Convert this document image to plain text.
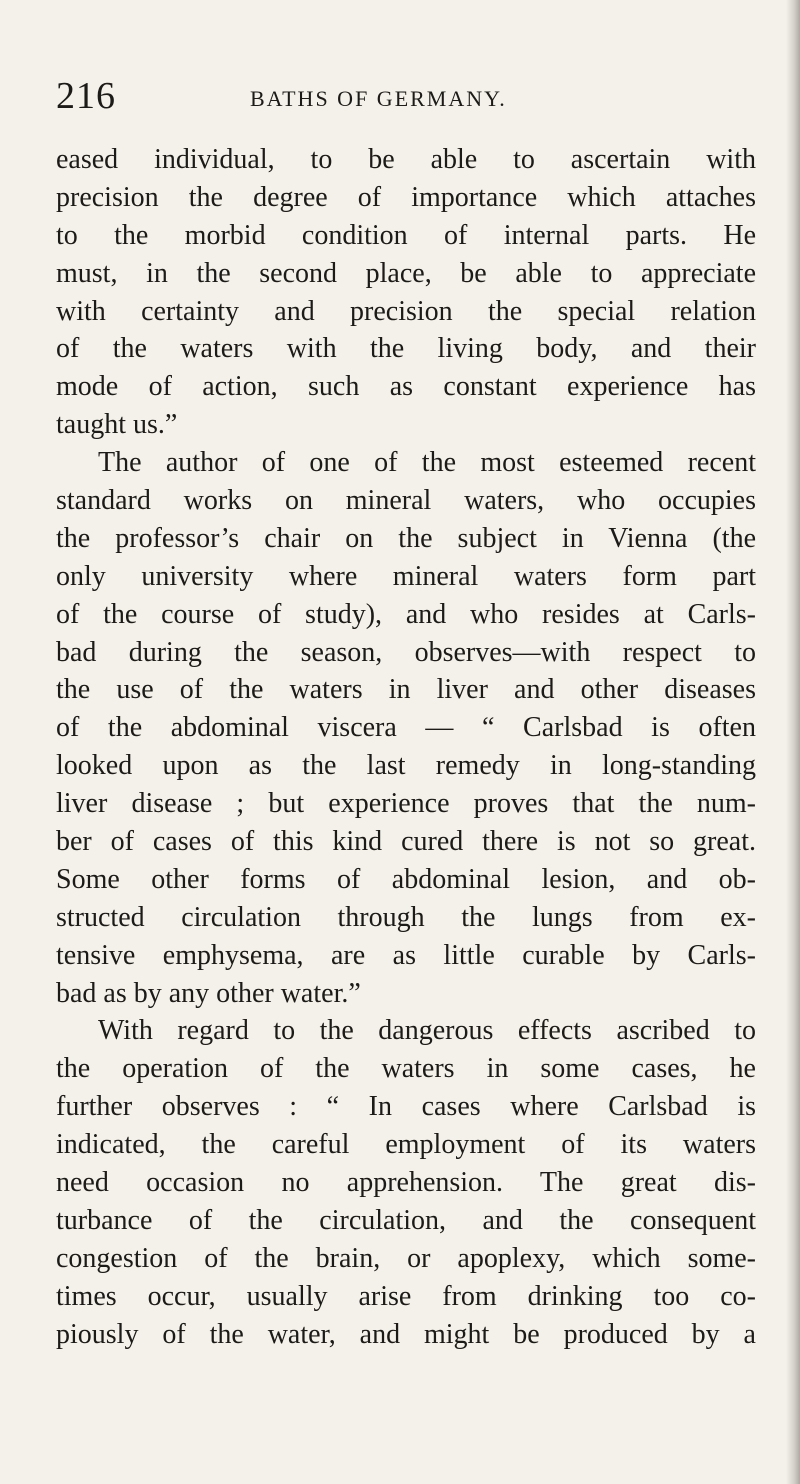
216	BATHS OF GERMANY.
eased individual, to be able to ascertain with
precision the degree of importance which attaches
to the morbid condition of internal parts. He
must, in the second place, be able to appreciate
with certainty and precision the special relation
of the waters with the living body, and their
mode of action, such as constant experience has
taught us.”
The author of one of the most esteemed recent
standard works on mineral waters, who occupies
the professor’s chair on the subject in Vienna (the
only university where mineral waters form part
of the course of study), and who resides at Carls-
bad during the season, observes—with respect to
the use of the waters in liver and other diseases
of the abdominal viscera — “ Carlsbad is often
looked upon as the last remedy in long-standing
liver disease ; but experience proves that the num-
ber of cases of this kind cured there is not so great.
Some other forms of abdominal lesion, and ob-
structed circulation through the lungs from ex-
tensive emphysema, are as little curable by Carls-
bad as by any other water.”
With regard to the dangerous effects ascribed to
the operation of the waters in some cases, he
further observes : “ In cases where Carlsbad is
indicated, the careful employment of its waters
need occasion no apprehension. The great dis-
turbance of the circulation, and the consequent
congestion of the brain, or apoplexy, which some-
times occur, usually arise from drinking too co-
piously of the water, and might be produced by a
